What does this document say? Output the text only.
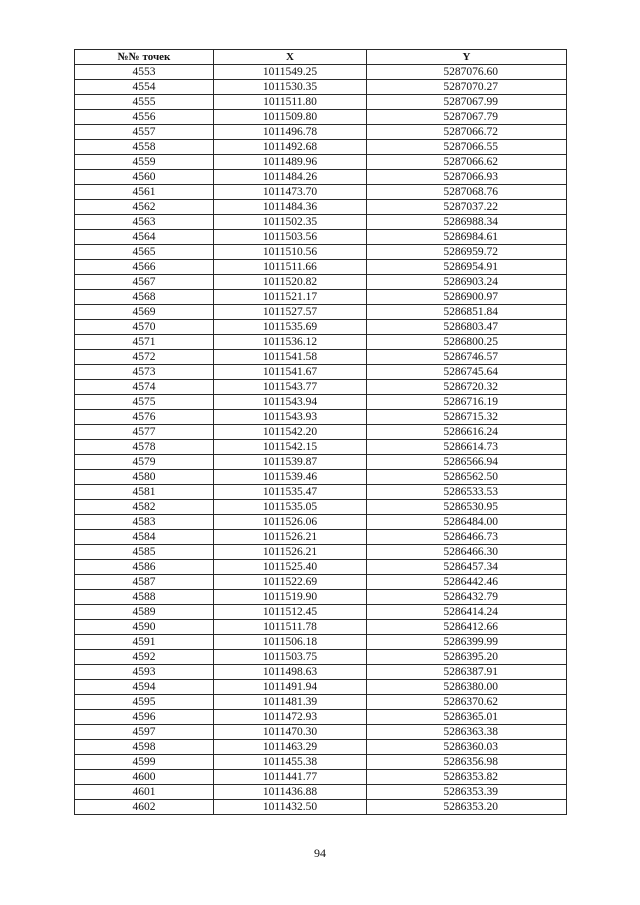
№№ точек	X	Y
4553	1011549.25	5287076.60
4554	1011530.35	5287070.27
4555	1011511.80	5287067.99
4556	1011509.80	5287067.79
4557	1011496.78	5287066.72
4558	1011492.68	5287066.55
4559	1011489.96	5287066.62
4560	1011484.26	5287066.93
4561	1011473.70	5287068.76
4562	1011484.36	5287037.22
4563	1011502.35	5286988.34
4564	1011503.56	5286984.61
4565	1011510.56	5286959.72
4566	1011511.66	5286954.91
4567	1011520.82	5286903.24
4568	1011521.17	5286900.97
4569	1011527.57	5286851.84
4570	1011535.69	5286803.47
4571	1011536.12	5286800.25
4572	1011541.58	5286746.57
4573	1011541.67	5286745.64
4574	1011543.77	5286720.32
4575	1011543.94	5286716.19
4576	1011543.93	5286715.32
4577	1011542.20	5286616.24
4578	1011542.15	5286614.73
4579	1011539.87	5286566.94
4580	1011539.46	5286562.50
4581	1011535.47	5286533.53
4582	1011535.05	5286530.95
4583	1011526.06	5286484.00
4584	1011526.21	5286466.73
4585	1011526.21	5286466.30
4586	1011525.40	5286457.34
4587	1011522.69	5286442.46
4588	1011519.90	5286432.79
4589	1011512.45	5286414.24
4590	1011511.78	5286412.66
4591	1011506.18	5286399.99
4592	1011503.75	5286395.20
4593	1011498.63	5286387.91
4594	1011491.94	5286380.00
4595	1011481.39	5286370.62
4596	1011472.93	5286365.01
4597	1011470.30	5286363.38
4598	1011463.29	5286360.03
4599	1011455.38	5286356.98
4600	1011441.77	5286353.82
4601	1011436.88	5286353.39
4602	1011432.50	5286353.20
94
